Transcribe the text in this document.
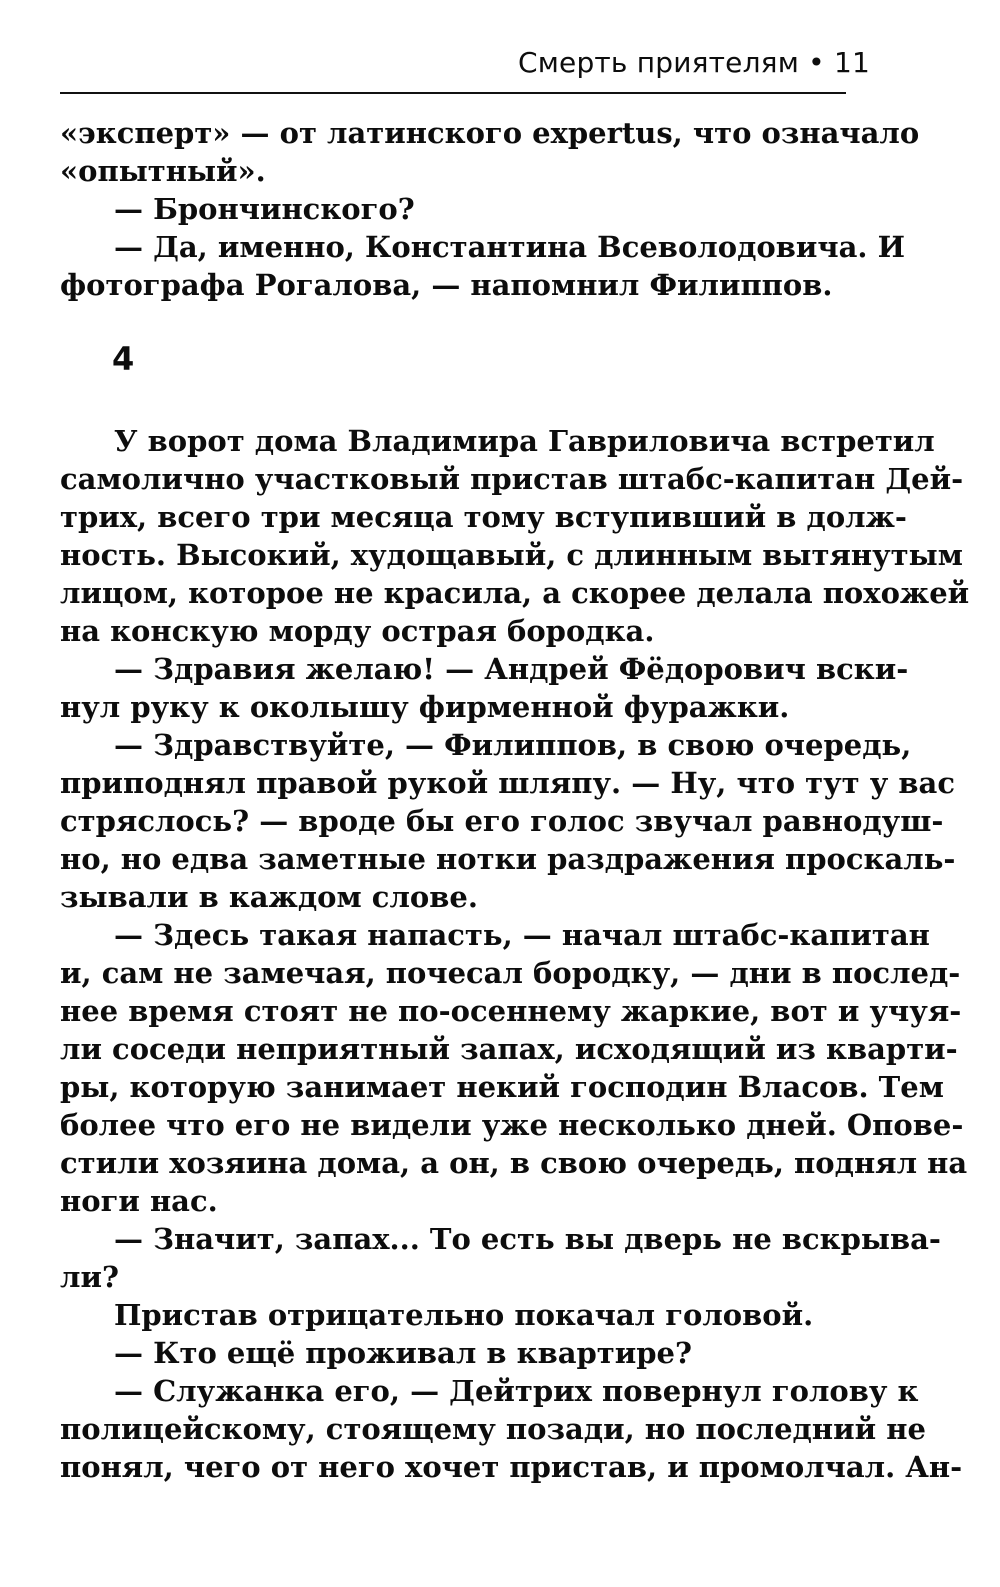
Смерть приятелям • 11
«эксперт» — от латинского expertus, что означало
«опытный».
— Брончинского?
— Да, именно, Константина Всеволодовича. И
фотографа Рогалова, — напомнил Филиппов.
4
У ворот дома Владимира Гавриловича встретил
самолично участковый пристав штабс-капитан Дей-
трих, всего три месяца тому вступивший в долж-
ность. Высокий, худощавый, с длинным вытянутым
лицом, которое не красила, а скорее делала похожей
на конскую морду острая бородка.
— Здравия желаю! — Андрей Фёдорович вски-
нул руку к околышу фирменной фуражки.
— Здравствуйте, — Филиппов, в свою очередь,
приподнял правой рукой шляпу. — Ну, что тут у вас
стряслось? — вроде бы его голос звучал равнодуш-
но, но едва заметные нотки раздражения проскаль-
зывали в каждом слове.
— Здесь такая напасть, — начал штабс-капитан
и, сам не замечая, почесал бородку, — дни в послед-
нее время стоят не по-осеннему жаркие, вот и учуя-
ли соседи неприятный запах, исходящий из кварти-
ры, которую занимает некий господин Власов. Тем
более что его не видели уже несколько дней. Опове-
стили хозяина дома, а он, в свою очередь, поднял на
ноги нас.
— Значит, запах... То есть вы дверь не вскрыва-
ли?
Пристав отрицательно покачал головой.
— Кто ещё проживал в квартире?
— Служанка его, — Дейтрих повернул голову к
полицейскому, стоящему позади, но последний не
понял, чего от него хочет пристав, и промолчал. Ан-
